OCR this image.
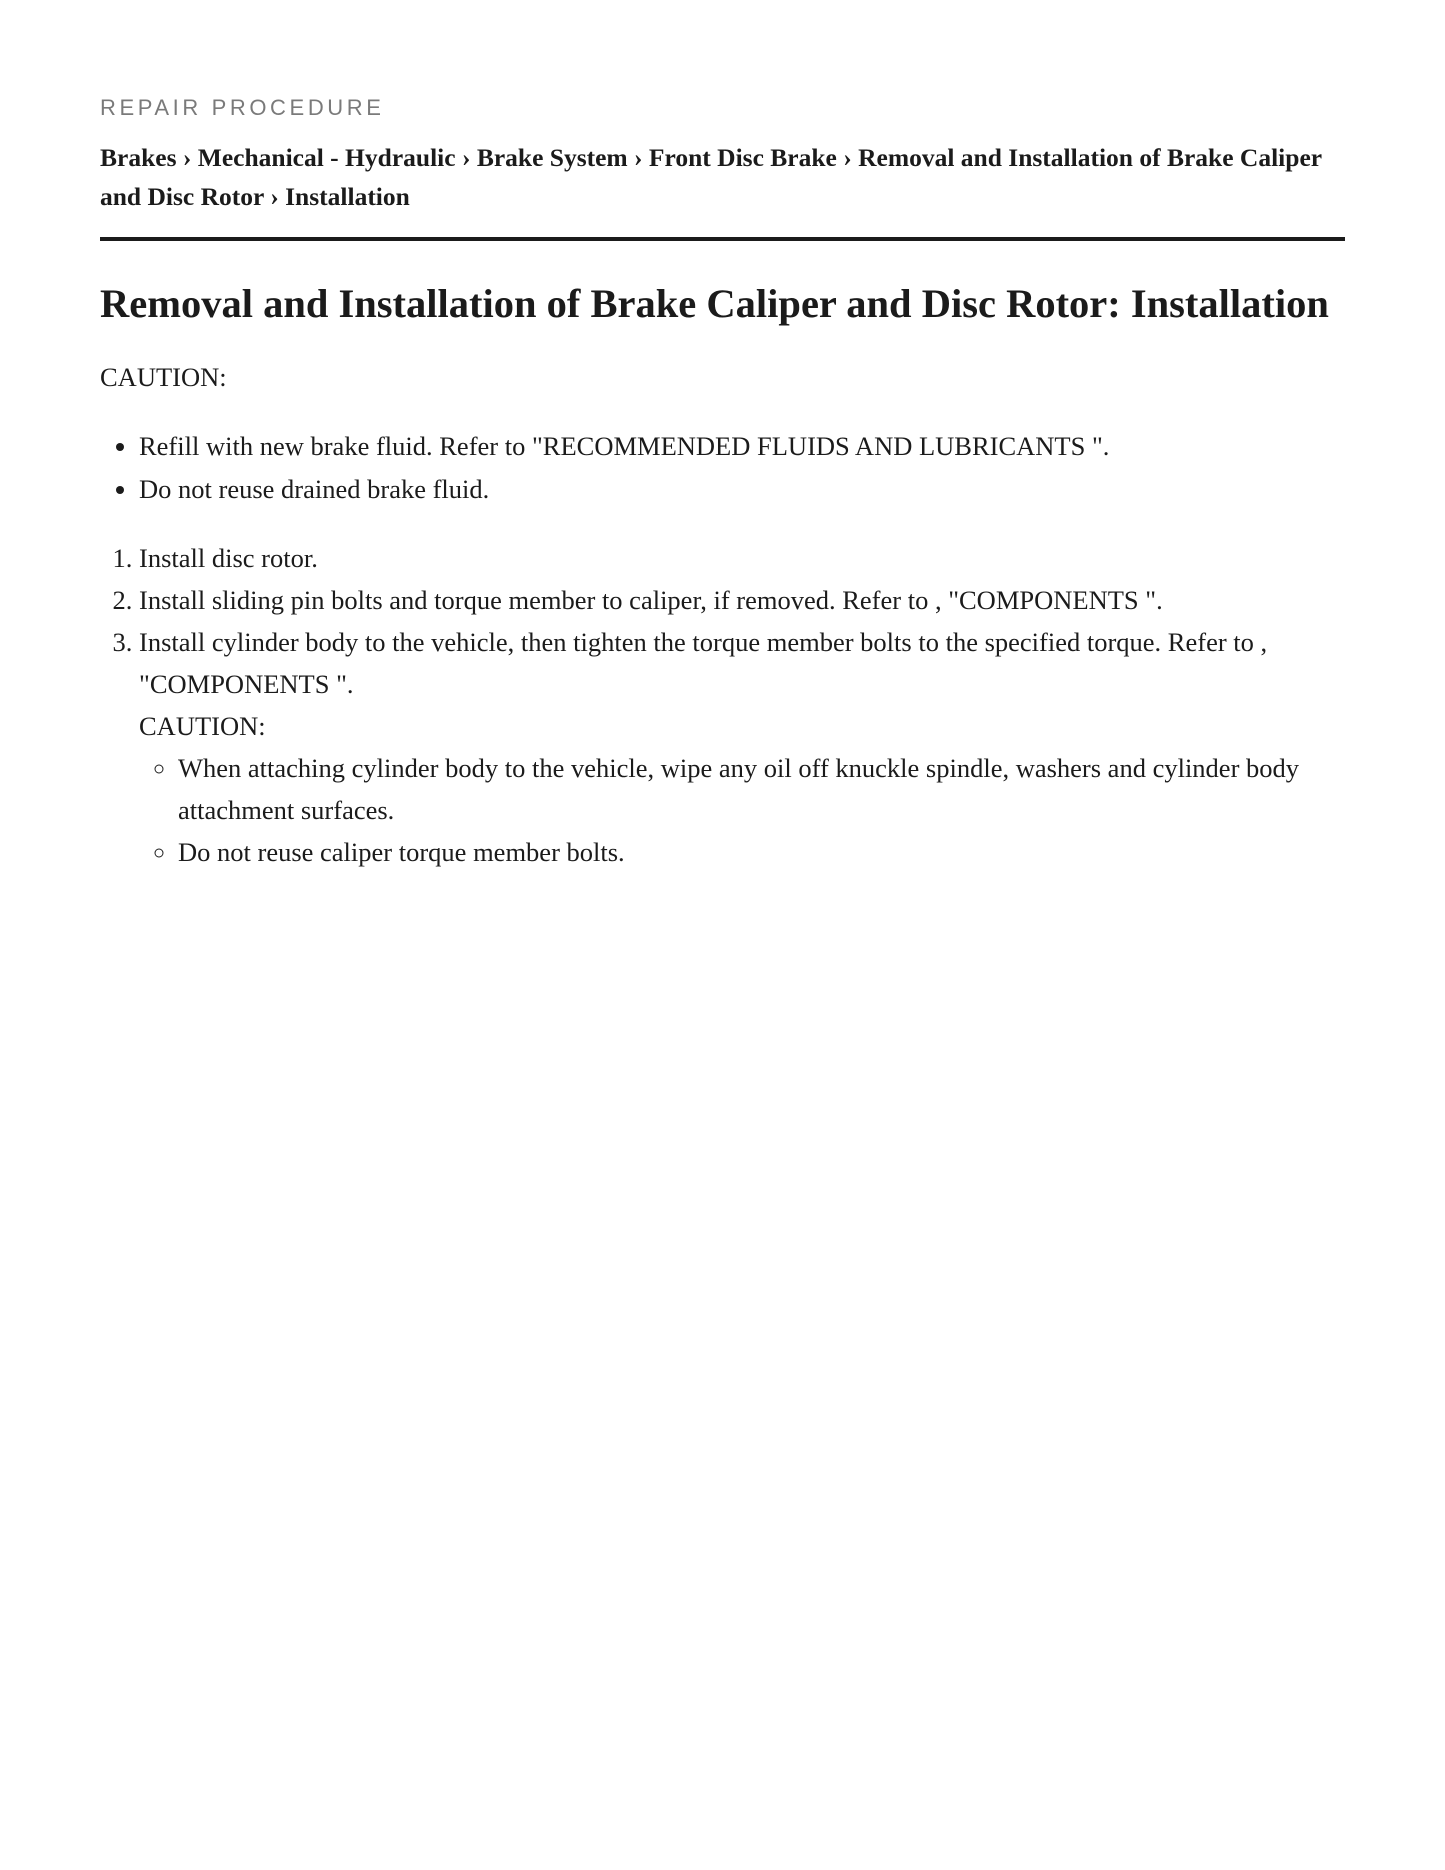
REPAIR PROCEDURE

Brakes › Mechanical - Hydraulic › Brake System › Front Disc Brake › Removal and Installation of Brake Caliper and Disc Rotor › Installation
Removal and Installation of Brake Caliper and Disc Rotor: Installation

CAUTION:

• Refill with new brake fluid. Refer to "RECOMMENDED FLUIDS AND LUBRICANTS ".
• Do not reuse drained brake fluid.
1. Install disc rotor.
2. Install sliding pin bolts and torque member to caliper, if removed. Refer to , "COMPONENTS ".
3. Install cylinder body to the vehicle, then tighten the torque member bolts to the specified torque. Refer to , "COMPONENTS ".
CAUTION:
◦ When attaching cylinder body to the vehicle, wipe any oil off knuckle spindle, washers and cylinder body attachment surfaces.
◦ Do not reuse caliper torque member bolts.
